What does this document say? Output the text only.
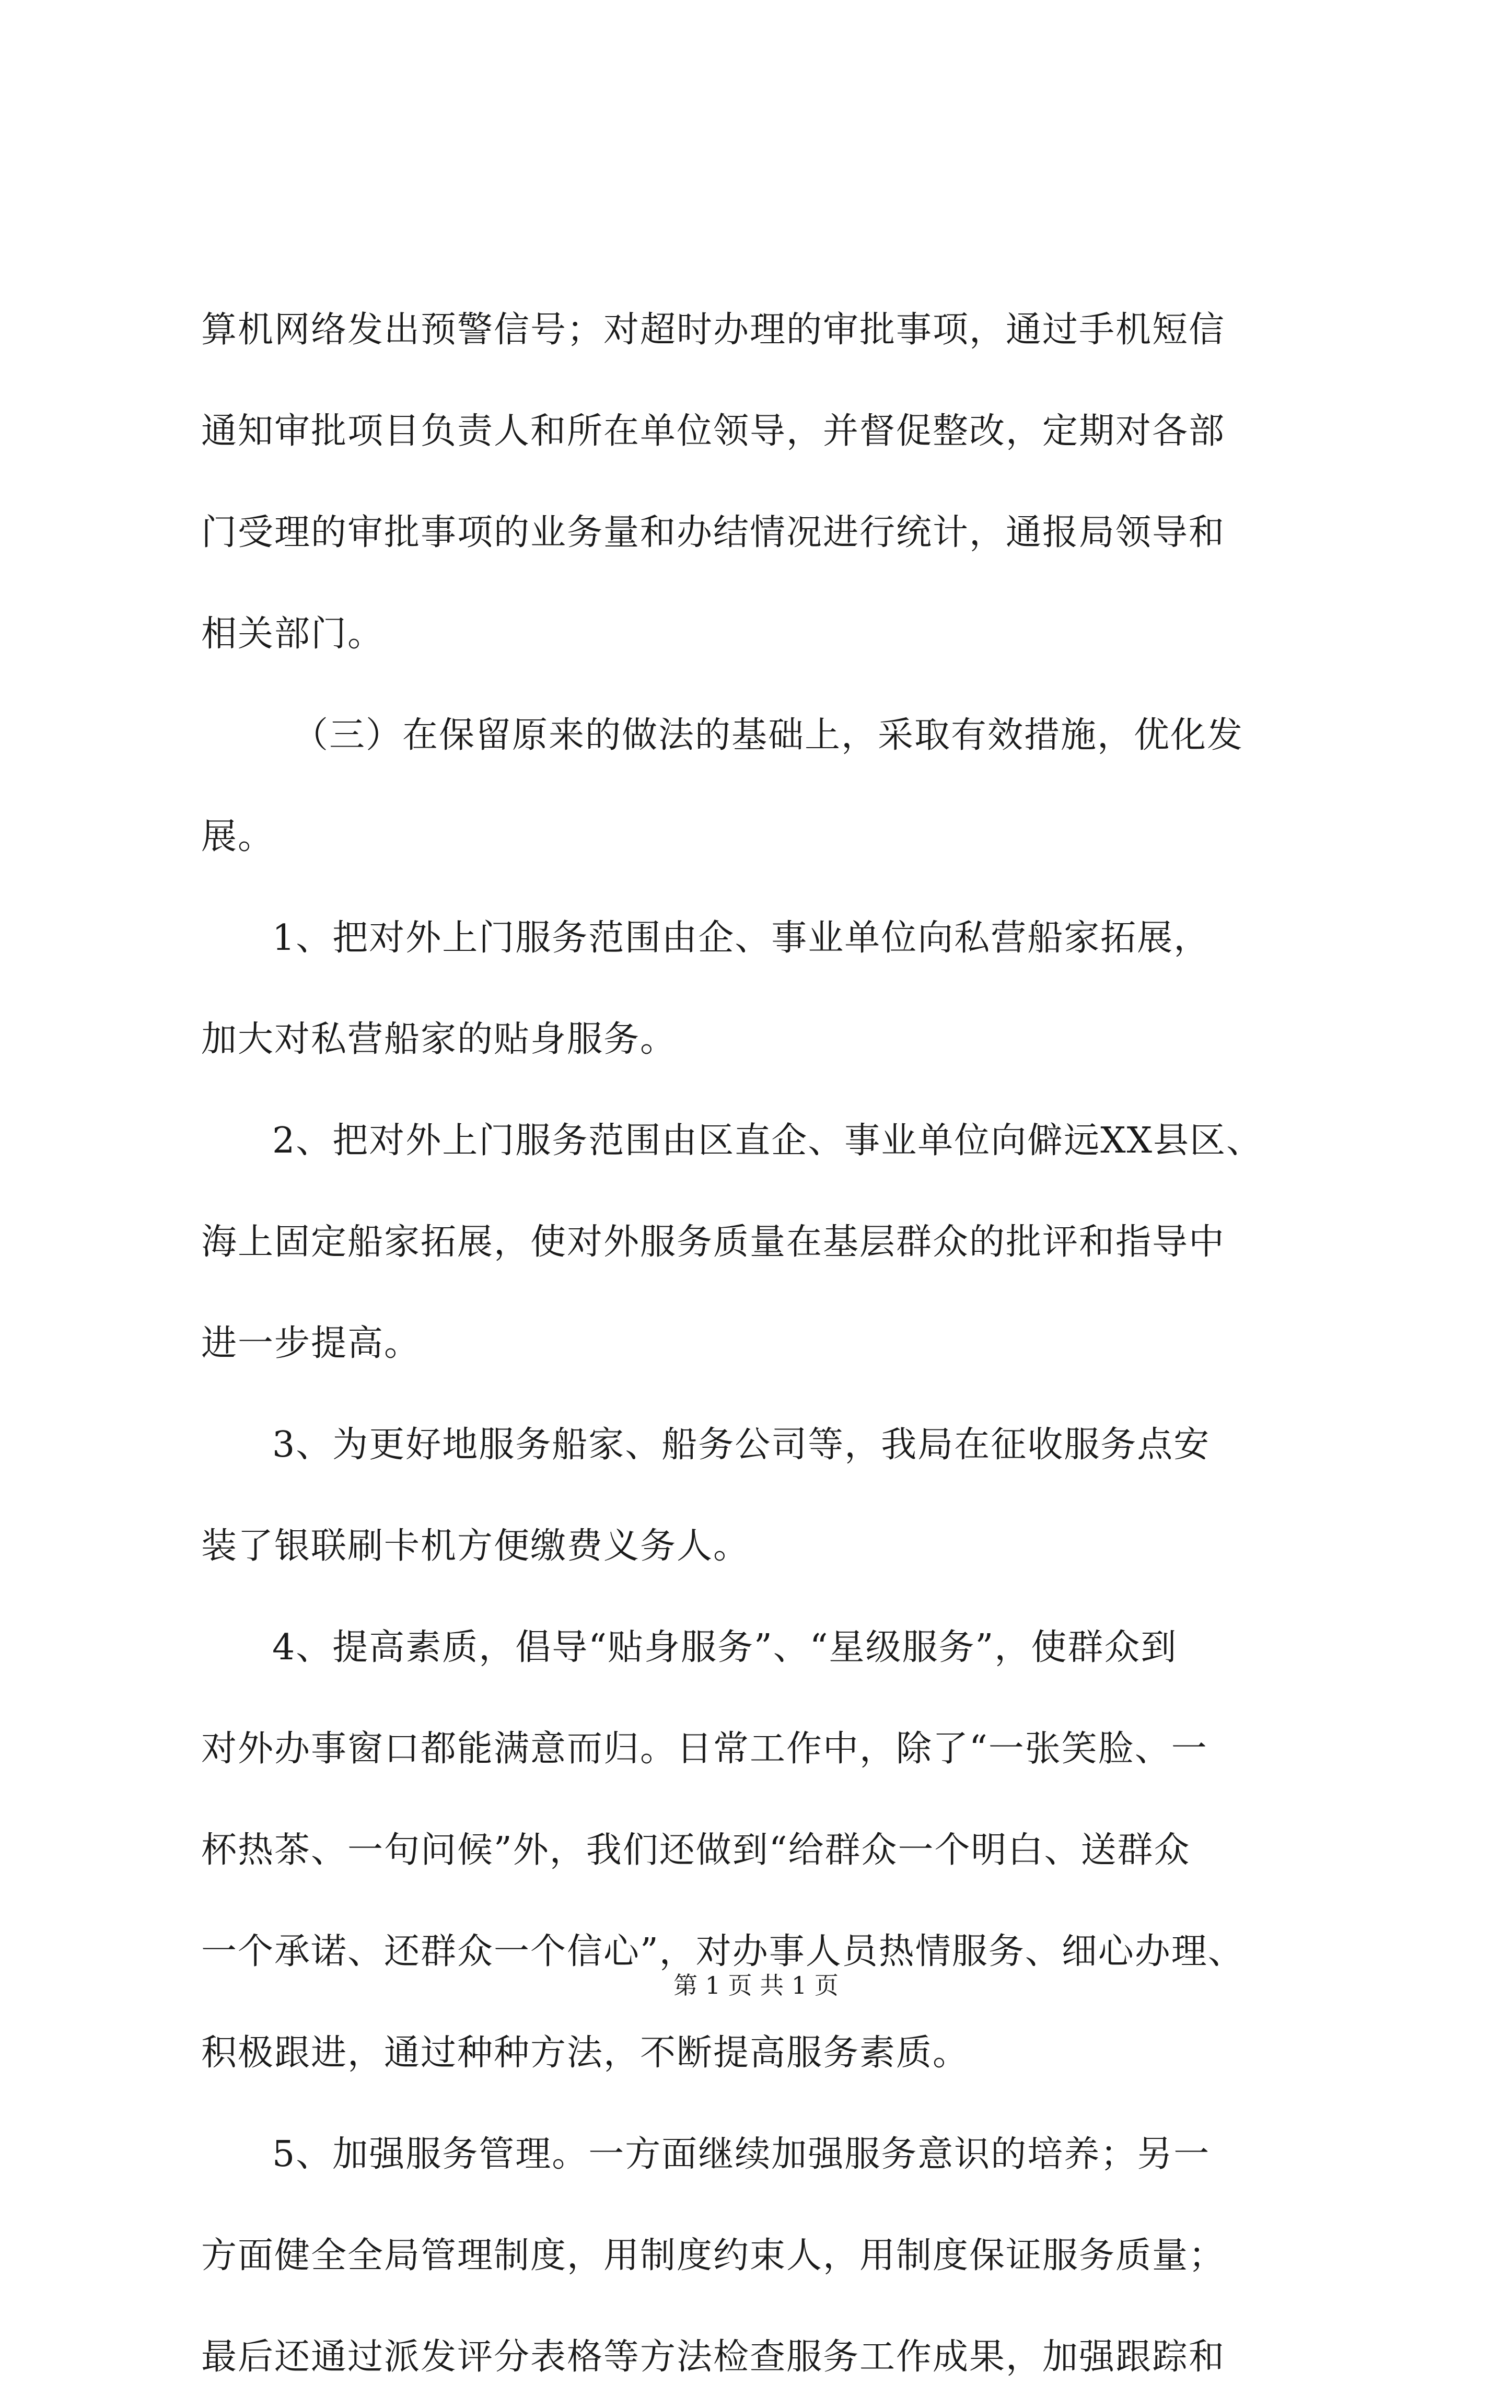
算机网络发出预警信号；对超时办理的审批事项，通过手机短信
通知审批项目负责人和所在单位领导，并督促整改，定期对各部
门受理的审批事项的业务量和办结情况进行统计，通报局领导和
相关部门。
（三）在保留原来的做法的基础上，采取有效措施，优化发
展。
1、把对外上门服务范围由企、事业单位向私营船家拓展，
加大对私营船家的贴身服务。
2、把对外上门服务范围由区直企、事业单位向僻远XX县区、
海上固定船家拓展，使对外服务质量在基层群众的批评和指导中
进一步提高。
3、为更好地服务船家、船务公司等，我局在征收服务点安
装了银联刷卡机方便缴费义务人。
4、提高素质，倡导“贴身服务”、“星级服务”，使群众到
对外办事窗口都能满意而归。日常工作中，除了“一张笑脸、一
杯热茶、一句问候”外，我们还做到“给群众一个明白、送群众
一个承诺、还群众一个信心”，对办事人员热情服务、细心办理、
积极跟进，通过种种方法，不断提高服务素质。
5、加强服务管理。一方面继续加强服务意识的培养；另一
方面健全全局管理制度，用制度约束人，用制度保证服务质量；
最后还通过派发评分表格等方法检查服务工作成果，加强跟踪和
第 1 页 共 1 页
